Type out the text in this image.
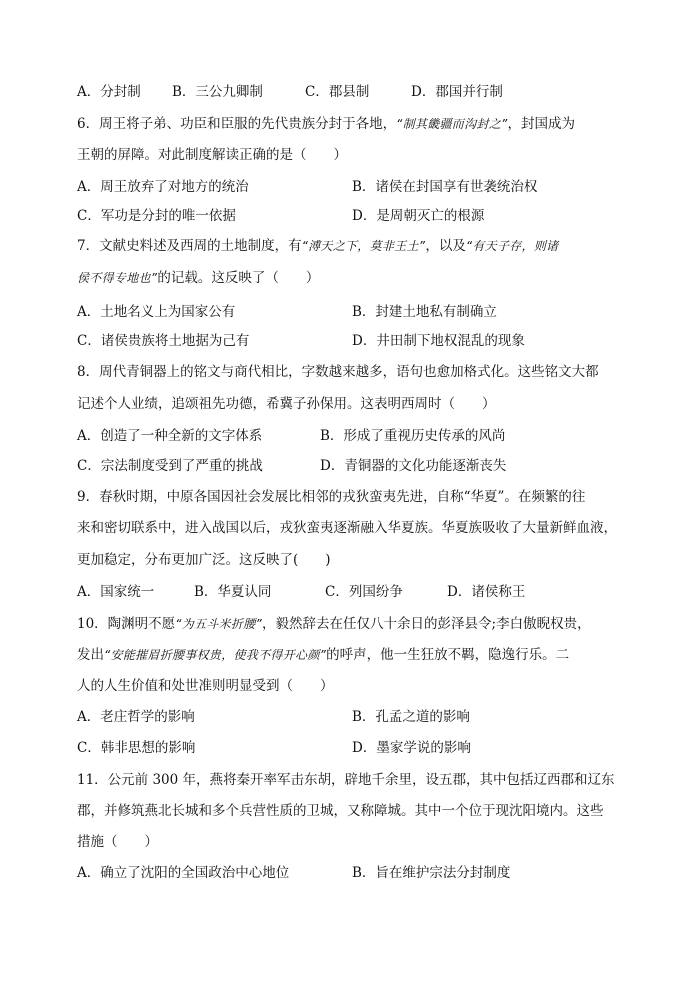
A．分封制 B．三公九卿制	C．郡县制	D．郡国并行制
6．周王将子弟、功臣和臣服的先代贵族分封于各地，“制其畿疆而沟封之”，封国成为
王朝的屏障。对此制度解读正确的是（　　）
A．周王放弃了对地方的统治	B．诸侯在封国享有世袭统治权
C．军功是分封的唯一依据	D．是周朝灭亡的根源
7．文献史料述及西周的土地制度，有“溥天之下，莫非王土”，以及“有天子存，则诸
侯不得专地也”的记载。这反映了（　　）
A．土地名义上为国家公有	B．封建土地私有制确立
C．诸侯贵族将土地据为己有	D．井田制下地权混乱的现象
8．周代青铜器上的铭文与商代相比，字数越来越多，语句也愈加格式化。这些铭文大都
记述个人业绩，追颂祖先功德，希冀子孙保用。这表明西周时（　　）
A．创造了一种全新的文字体系	B．形成了重视历史传承的风尚
C．宗法制度受到了严重的挑战	D．青铜器的文化功能逐渐丧失
9．春秋时期，中原各国因社会发展比相邻的戎狄蛮夷先进，自称“华夏”。在频繁的往
来和密切联系中，进入战国以后，戎狄蛮夷逐渐融入华夏族。华夏族吸收了大量新鲜血液，
更加稳定，分布更加广泛。这反映了(　　)
A．国家统一	B．华夏认同	C．列国纷争	D．诸侯称王
10．陶渊明不愿“为五斗米折腰”，毅然辞去在任仅八十余日的彭泽县令;李白傲睨权贵，
发出“安能摧眉折腰事权贵，使我不得开心颜”的呼声，他一生狂放不羁，隐逸行乐。二
人的人生价值和处世准则明显受到（　　）
A．老庄哲学的影响	B．孔孟之道的影响
C．韩非思想的影响	D．墨家学说的影响
11．公元前 300 年，燕将秦开率军击东胡，辟地千余里，设五郡，其中包括辽西郡和辽东
郡，并修筑燕北长城和多个兵营性质的卫城，又称障城。其中一个位于现沈阳境内。这些
措施（　　）
A．确立了沈阳的全国政治中心地位	B．旨在维护宗法分封制度
